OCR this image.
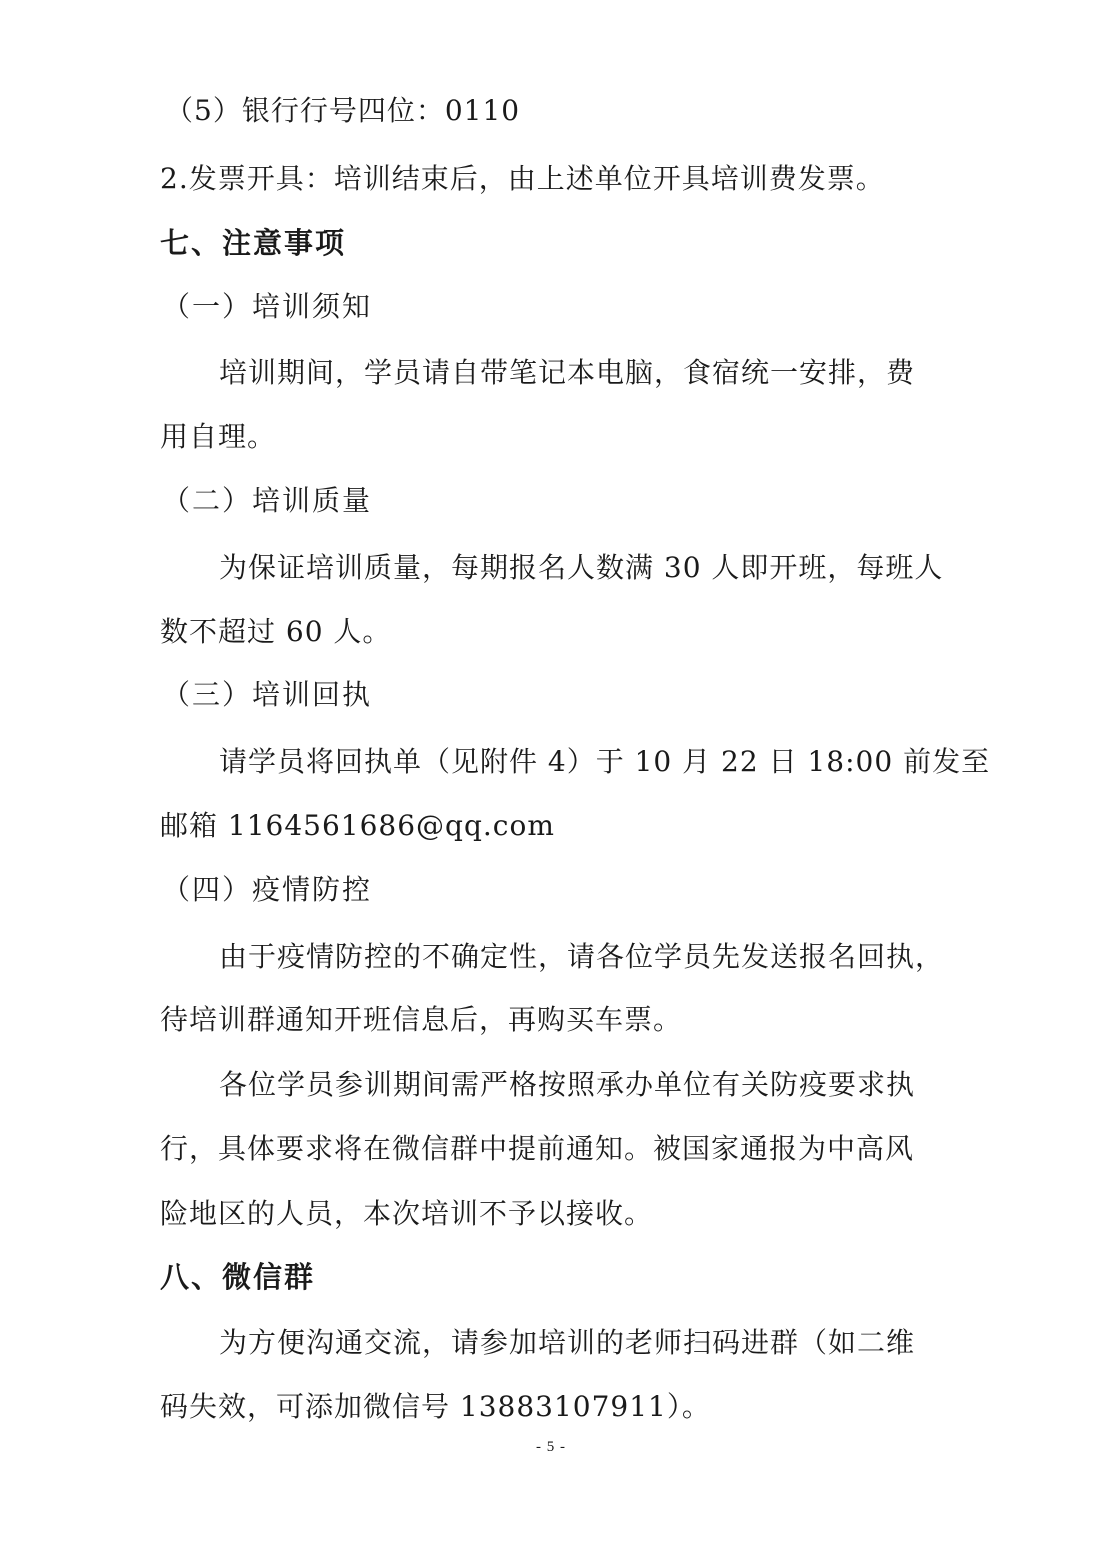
（5）银行行号四位：0110
2.发票开具：培训结束后，由上述单位开具培训费发票。
七、注意事项
（一）培训须知
培训期间，学员请自带笔记本电脑，食宿统一安排，费
用自理。
（二）培训质量
为保证培训质量，每期报名人数满 30 人即开班，每班人
数不超过 60 人。
（三）培训回执
请学员将回执单（见附件 4）于 10 月 22 日 18:00 前发至
邮箱 1164561686@qq.com
（四）疫情防控
由于疫情防控的不确定性，请各位学员先发送报名回执，
待培训群通知开班信息后，再购买车票。
各位学员参训期间需严格按照承办单位有关防疫要求执
行，具体要求将在微信群中提前通知。被国家通报为中高风
险地区的人员，本次培训不予以接收。
八、微信群
为方便沟通交流，请参加培训的老师扫码进群（如二维
码失效，可添加微信号 13883107911）。
- 5 -
